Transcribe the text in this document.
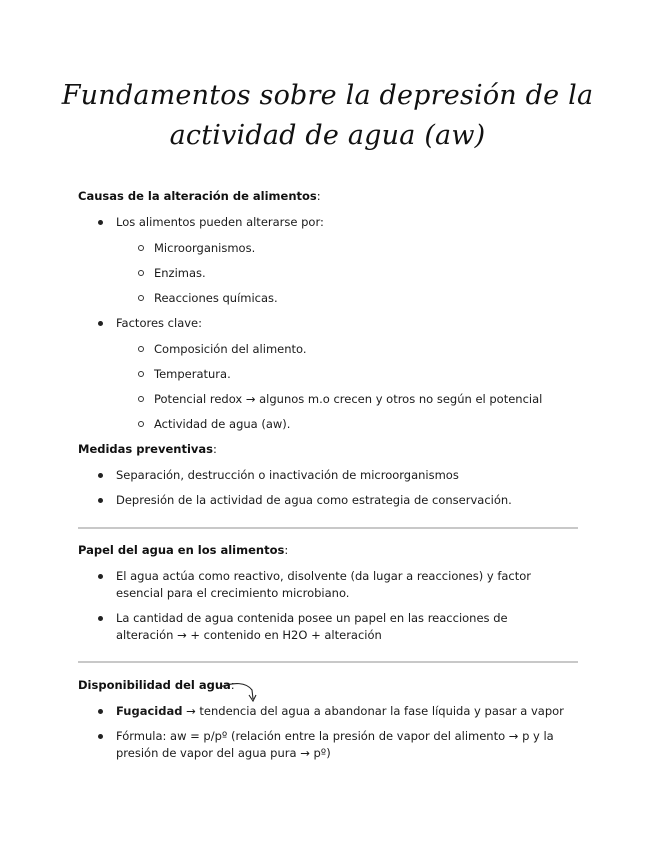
Fundamentos sobre la depresión de la
actividad de agua (aw)
Causas de la alteración de alimentos:
Los alimentos pueden alterarse por:
Microorganismos.
Enzimas.
Reacciones químicas.
Factores clave:
Composición del alimento.
Temperatura.
Potencial redox → algunos m.o crecen y otros no según el potencial
Actividad de agua (aw).
Medidas preventivas:
Separación, destrucción o inactivación de microorganismos
Depresión de la actividad de agua como estrategia de conservación.
Papel del agua en los alimentos:
El agua actúa como reactivo, disolvente (da lugar a reacciones) y factor
esencial para el crecimiento microbiano.
La cantidad de agua contenida posee un papel en las reacciones de
alteración → + contenido en H2O + alteración
Disponibilidad del agua:
Fugacidad → tendencia del agua a abandonar la fase líquida y pasar a vapor
Fórmula: aw = p/pº (relación entre la presión de vapor del alimento → p y la
presión de vapor del agua pura → pº)
